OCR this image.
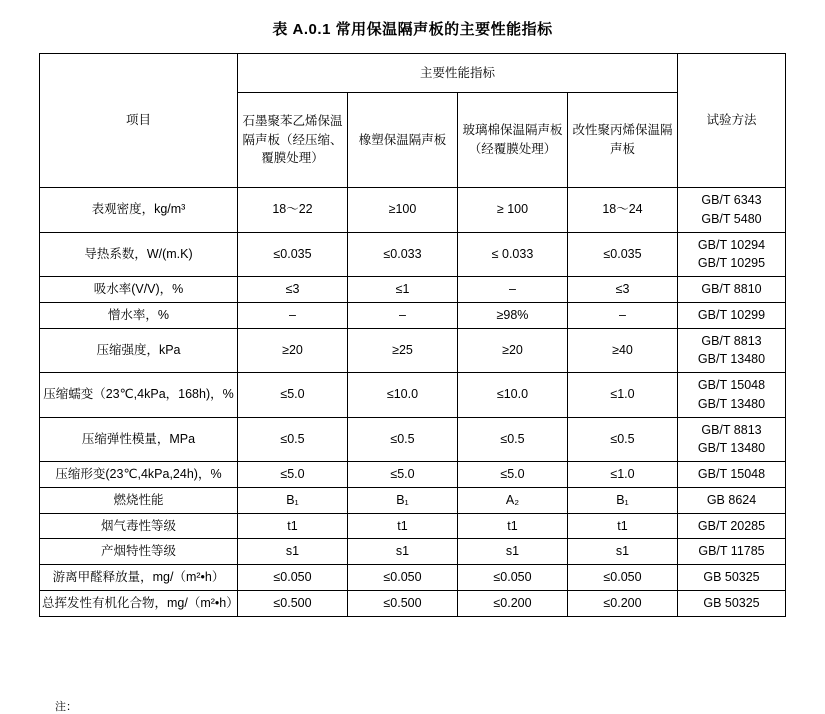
表 A.0.1 常用保温隔声板的主要性能指标
项目	主要性能指标				试验方法
	石墨聚苯乙烯保温隔声板（经压缩、覆膜处理）	橡塑保温隔声板	玻璃棉保温隔声板（经覆膜处理）	改性聚丙烯保温隔声板	
表观密度，kg/m³	18～22	≥100	≥ 100	18～24	GB/T 6343
GB/T 5480

导热系数，W/(m.K)	≤0.035	≤0.033	≤ 0.033	≤0.035	GB/T 10294
GB/T 10295

吸水率(V/V)，%	≤3	≤1	–	≤3	GB/T 8810
憎水率，%	–	–	≥98%	–	GB/T 10299
压缩强度，kPa	≥20	≥25	≥20	≥40	GB/T 8813
GB/T 13480

压缩蠕变（23℃,4kPa，168h)，%	≤5.0	≤10.0	≤10.0	≤1.0	GB/T 15048
GB/T 13480

压缩弹性模量，MPa	≤0.5	≤0.5	≤0.5	≤0.5	GB/T 8813
GB/T 13480

压缩形变(23℃,4kPa,24h)，%	≤5.0	≤5.0	≤5.0	≤1.0	GB/T 15048
燃烧性能	B₁	B₁	A₂	B₁	GB 8624
烟气毒性等级	t1	t1	t1	t1	GB/T 20285
产烟特性等级	s1	s1	s1	s1	GB/T 11785
游离甲醛释放量，mg/（m²•h）	≤0.050	≤0.050	≤0.050	≤0.050	GB 50325
总挥发性有机化合物，mg/（m²•h）	≤0.500	≤0.500	≤0.200	≤0.200	GB 50325
注：
